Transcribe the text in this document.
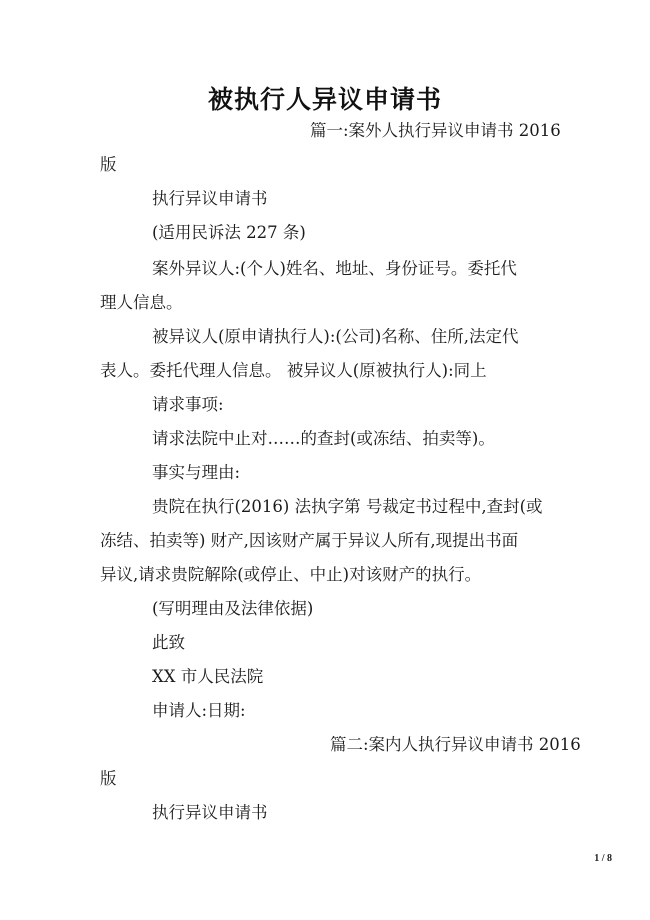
被执行人异议申请书
篇一:案外人执行异议申请书 2016
版
执行异议申请书
(适用民诉法 227 条)
案外异议人:(个人)姓名、地址、身份证号。委托代
理人信息。
被异议人(原申请执行人):(公司)名称、住所,法定代
表人。委托代理人信息。 被异议人(原被执行人):同上
请求事项:
请求法院中止对……的查封(或冻结、拍卖等)。
事实与理由:
贵院在执行(2016) 法执字第 号裁定书过程中,查封(或
冻结、拍卖等) 财产,因该财产属于异议人所有,现提出书面
异议,请求贵院解除(或停止、中止)对该财产的执行。
(写明理由及法律依据)
此致
XX 市人民法院
申请人:日期:
篇二:案内人执行异议申请书 2016
版
执行异议申请书
1 / 8
